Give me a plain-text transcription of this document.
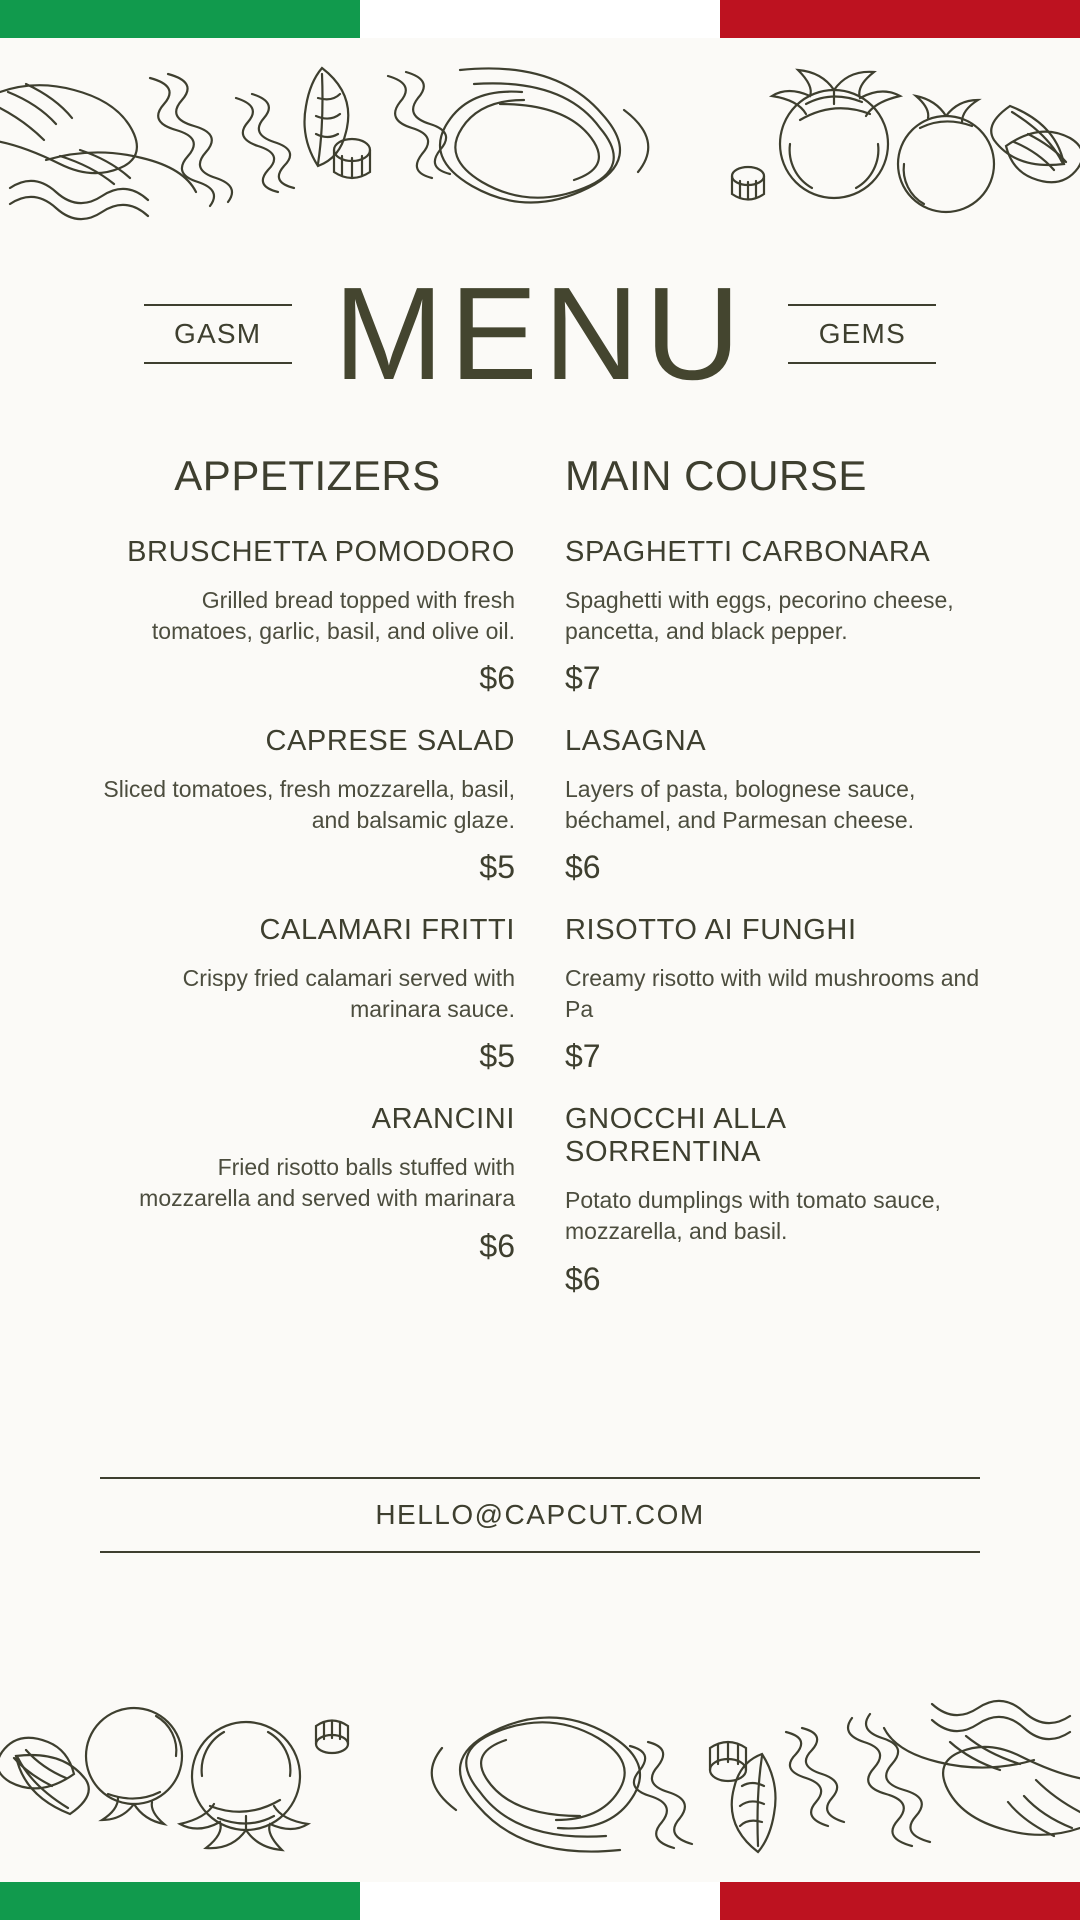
GASM MENU	GEMS
APPETIZERS
BRUSCHETTA POMODORO
Grilled bread topped with fresh tomatoes, garlic, basil, and olive oil.
$6
CAPRESE SALAD
Sliced tomatoes, fresh mozzarella, basil, and balsamic glaze.
$5
CALAMARI FRITTI
Crispy fried calamari served with marinara sauce.
$5
ARANCINI
Fried risotto balls stuffed with mozzarella and served with marinara
$6
MAIN COURSE
SPAGHETTI CARBONARA
Spaghetti with eggs, pecorino cheese, pancetta, and black pepper.
$7
LASAGNA
Layers of pasta, bolognese sauce, béchamel, and Parmesan cheese.
$6
RISOTTO AI FUNGHI
Creamy risotto with wild mushrooms and Pa
$7
GNOCCHI ALLA SORRENTINA
Potato dumplings with tomato sauce, mozzarella, and basil.
$6
HELLO@CAPCUT.COM
